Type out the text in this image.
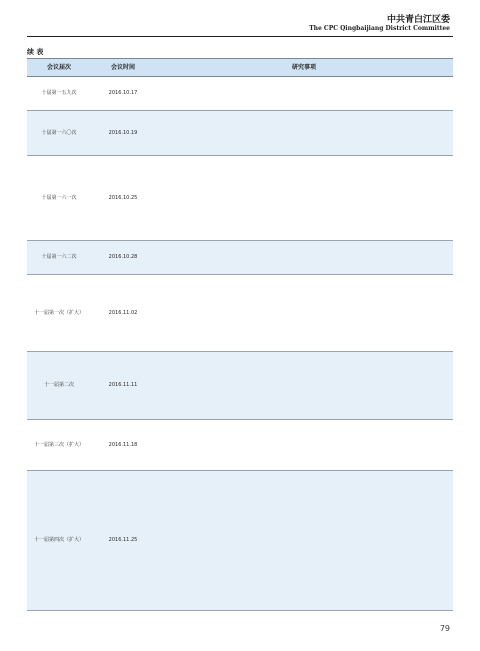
中共青白江区委
The CPC Qingbaijiang District Committee
续 表
会议届次	会议时间	研究事项
十届第一五九次	2016.10.17	
十届第一六〇次	2016.10.19	
十届第一六一次	2016.10.25	
十届第一六二次	2016.10.28	
十一届第一次（扩大）	2016.11.02	
十一届第二次	2016.11.11	
十一届第三次（扩大）	2016.11.18	
十一届第四次（扩大）	2016.11.25	
79
